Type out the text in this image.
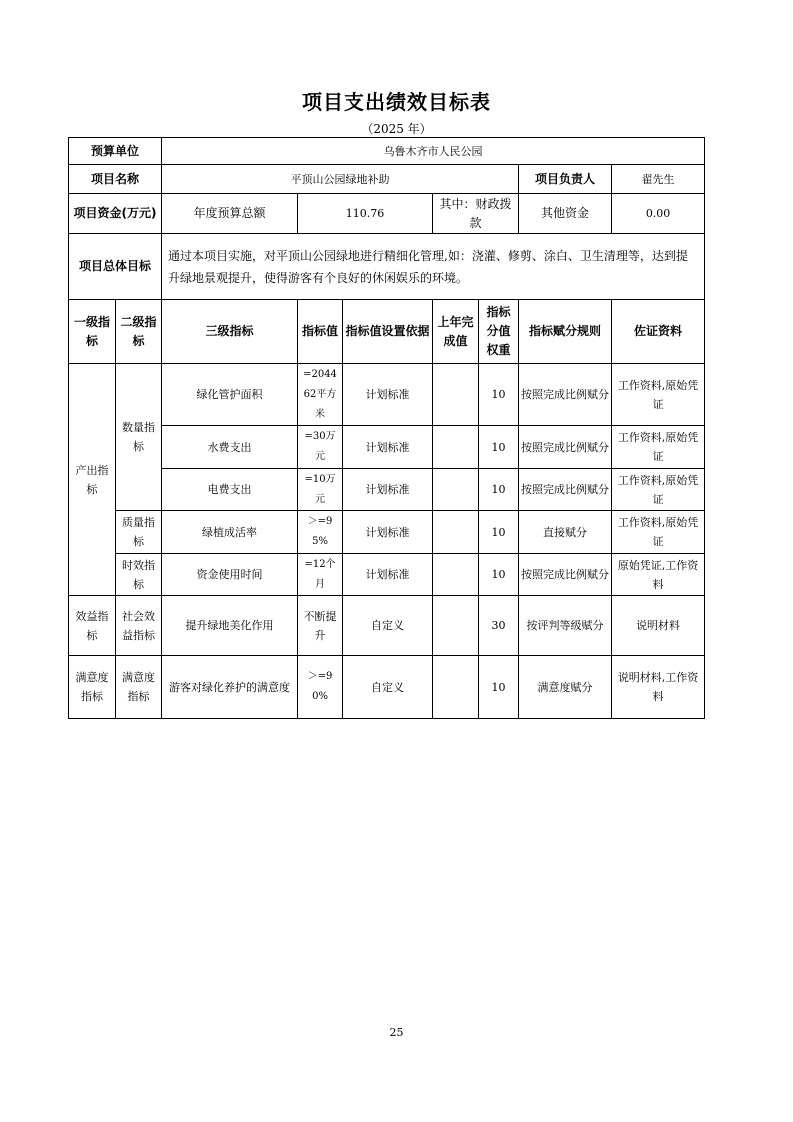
项目支出绩效目标表
（2025 年）
预算单位		乌鲁木齐市人民公园						
项目名称		平顶山公园绿地补助					项目负责人	翟先生
项目资金(万元)		年度预算总额	110.76		其中：财政拨款		其他资金	0.00
项目总体目标		通过本项目实施，对平顶山公园绿地进行精细化管理,如：浇灌、修剪、涂白、卫生清理等，达到提升绿地景观提升，使得游客有个良好的休闲娱乐的环境。						
一级指标	二级指标	三级指标	指标值	指标值设置依据	上年完成值	指标分值权重	指标赋分规则	佐证资料
产出指标	数量指标	绿化管护面积	=204462平方米	计划标准		10	按照完成比例赋分	工作资料,原始凭证
		水费支出	=30万元	计划标准		10	按照完成比例赋分	工作资料,原始凭证
		电费支出	=10万元	计划标准		10	按照完成比例赋分	工作资料,原始凭证
	质量指标	绿植成活率	＞=95%	计划标准		10	直接赋分	工作资料,原始凭证
	时效指标	资金使用时间	=12个月	计划标准		10	按照完成比例赋分	原始凭证,工作资料
效益指标	社会效益指标	提升绿地美化作用	不断提升	自定义		30	按评判等级赋分	说明材料
满意度指标	满意度指标	游客对绿化养护的满意度	＞=90%	自定义		10	满意度赋分	说明材料,工作资料
25
